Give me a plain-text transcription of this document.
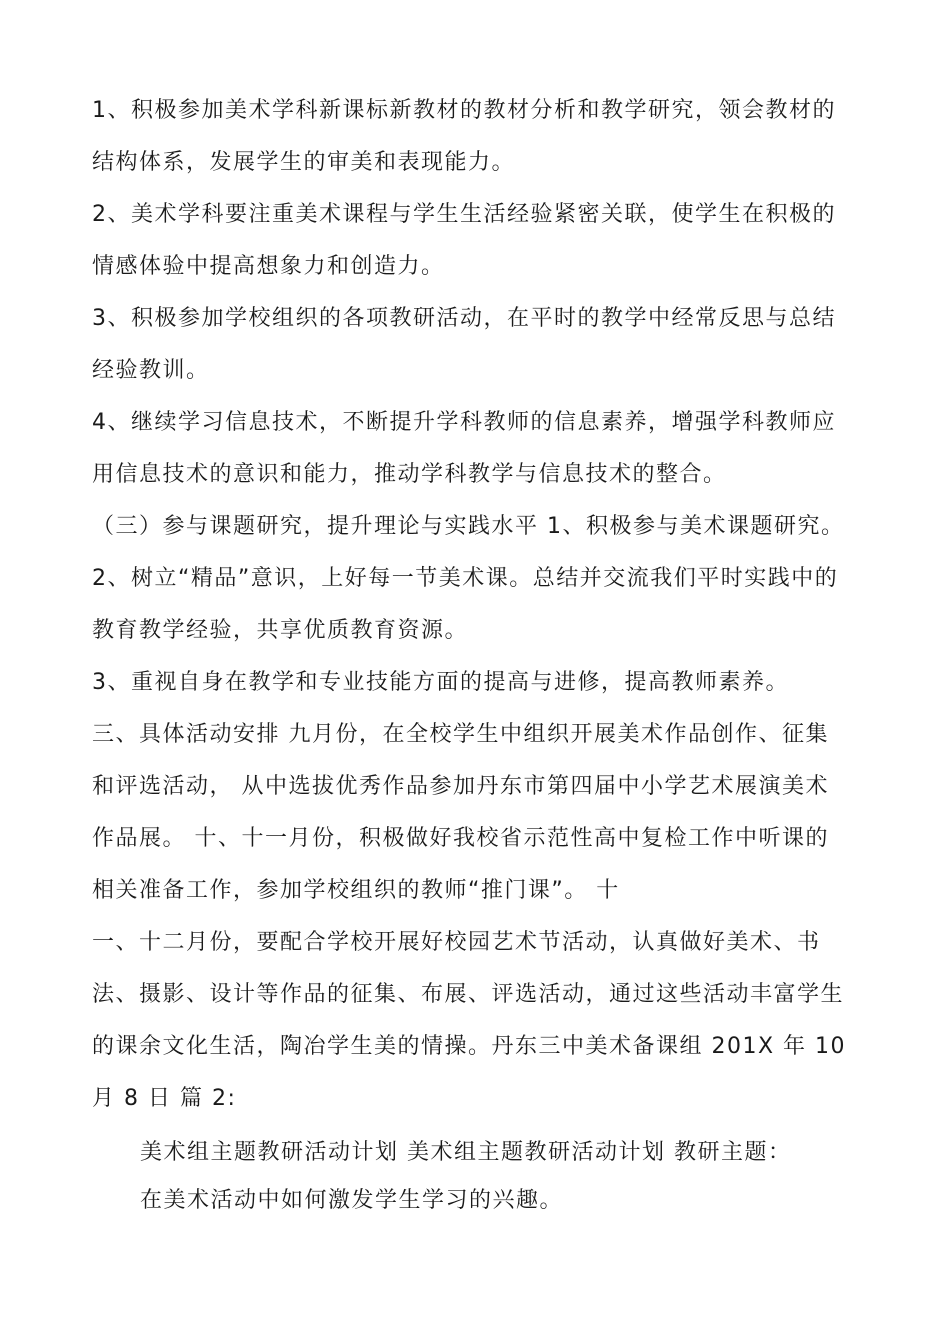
1、积极参加美术学科新课标新教材的教材分析和教学研究，领会教材的
结构体系，发展学生的审美和表现能力。
2、美术学科要注重美术课程与学生生活经验紧密关联，使学生在积极的
情感体验中提高想象力和创造力。
3、积极参加学校组织的各项教研活动，在平时的教学中经常反思与总结
经验教训。
4、继续学习信息技术，不断提升学科教师的信息素养，增强学科教师应
用信息技术的意识和能力，推动学科教学与信息技术的整合。
（三）参与课题研究，提升理论与实践水平 1、积极参与美术课题研究。
2、树立“精品”意识，上好每一节美术课。总结并交流我们平时实践中的
教育教学经验，共享优质教育资源。
3、重视自身在教学和专业技能方面的提高与进修，提高教师素养。
三、具体活动安排 九月份，在全校学生中组织开展美术作品创作、征集
和评选活动， 从中选拔优秀作品参加丹东市第四届中小学艺术展演美术
作品展。 十、十一月份，积极做好我校省示范性高中复检工作中听课的
相关准备工作，参加学校组织的教师“推门课”。 十
一、十二月份，要配合学校开展好校园艺术节活动，认真做好美术、书
法、摄影、设计等作品的征集、布展、评选活动，通过这些活动丰富学生
的课余文化生活，陶冶学生美的情操。丹东三中美术备课组 201X 年 10
月 8 日 篇 2:
美术组主题教研活动计划 美术组主题教研活动计划 教研主题：
在美术活动中如何激发学生学习的兴趣。
